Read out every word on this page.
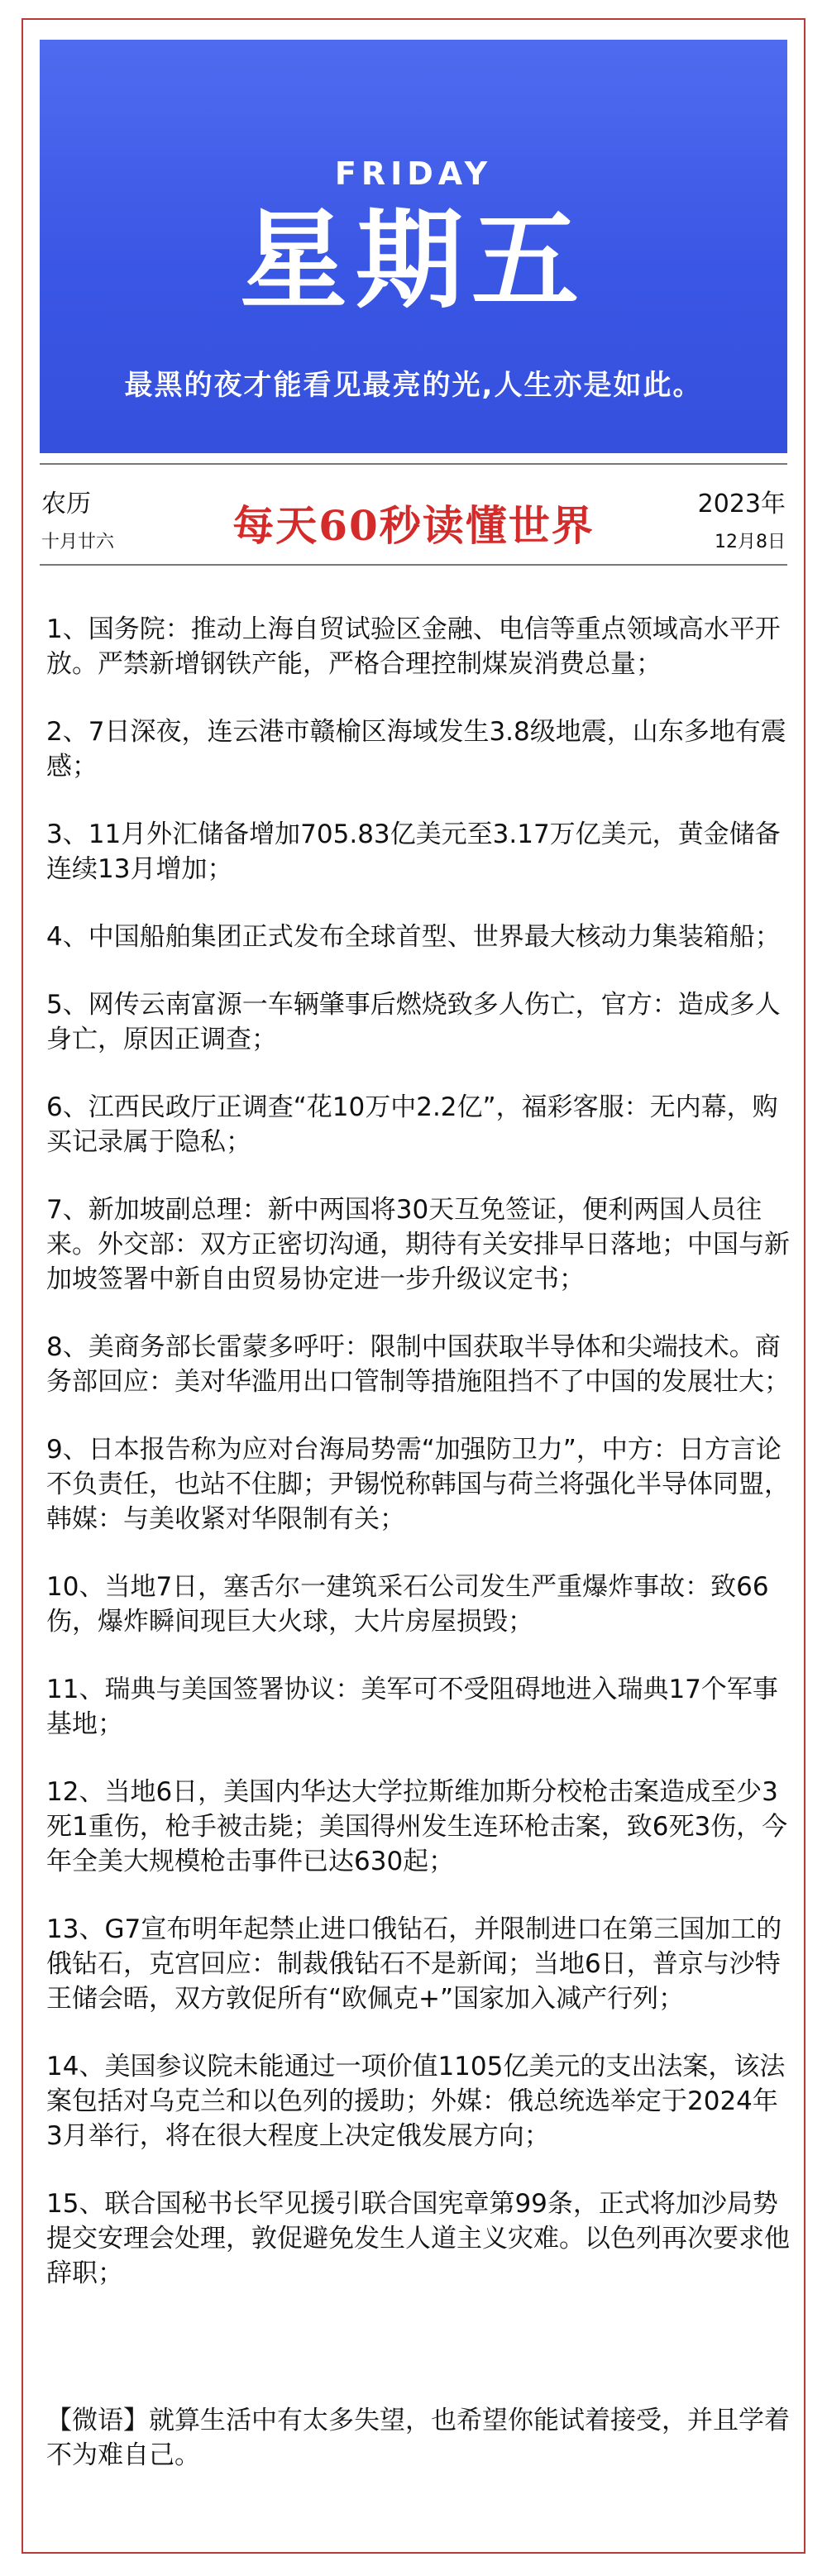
FRIDAY
星期五
最黑的夜才能看见最亮的光,人生亦是如此。
农历
十月廿六	每天60秒读懂世界	2023年
12月8日
1、国务院：推动上海自贸试验区金融、电信等重点领域高水平开放。严禁新增钢铁产能，严格合理控制煤炭消费总量；
2、7日深夜，连云港市赣榆区海域发生3.8级地震，山东多地有震感；
3、11月外汇储备增加705.83亿美元至3.17万亿美元，黄金储备连续13月增加；
4、中国船舶集团正式发布全球首型、世界最大核动力集装箱船；
5、网传云南富源一车辆肇事后燃烧致多人伤亡，官方：造成多人身亡，原因正调查；
6、江西民政厅正调查“花10万中2.2亿”，福彩客服：无内幕，购买记录属于隐私；
7、新加坡副总理：新中两国将30天互免签证，便利两国人员往来。外交部：双方正密切沟通，期待有关安排早日落地；中国与新加坡签署中新自由贸易协定进一步升级议定书；
8、美商务部长雷蒙多呼吁：限制中国获取半导体和尖端技术。商务部回应：美对华滥用出口管制等措施阻挡不了中国的发展壮大；
9、日本报告称为应对台海局势需“加强防卫力”，中方：日方言论不负责任，也站不住脚；尹锡悦称韩国与荷兰将强化半导体同盟，韩媒：与美收紧对华限制有关；
10、当地7日，塞舌尔一建筑采石公司发生严重爆炸事故：致66伤，爆炸瞬间现巨大火球，大片房屋损毁；
11、瑞典与美国签署协议：美军可不受阻碍地进入瑞典17个军事基地；
12、当地6日，美国内华达大学拉斯维加斯分校枪击案造成至少3死1重伤，枪手被击毙；美国得州发生连环枪击案，致6死3伤，今年全美大规模枪击事件已达630起；
13、G7宣布明年起禁止进口俄钻石，并限制进口在第三国加工的俄钻石，克宫回应：制裁俄钻石不是新闻；当地6日，普京与沙特王储会晤，双方敦促所有“欧佩克+”国家加入减产行列；
14、美国参议院未能通过一项价值1105亿美元的支出法案，该法案包括对乌克兰和以色列的援助；外媒：俄总统选举定于2024年3月举行，将在很大程度上决定俄发展方向；
15、联合国秘书长罕见援引联合国宪章第99条，正式将加沙局势提交安理会处理，敦促避免发生人道主义灾难。以色列再次要求他辞职；
【微语】就算生活中有太多失望，也希望你能试着接受，并且学着不为难自己。
